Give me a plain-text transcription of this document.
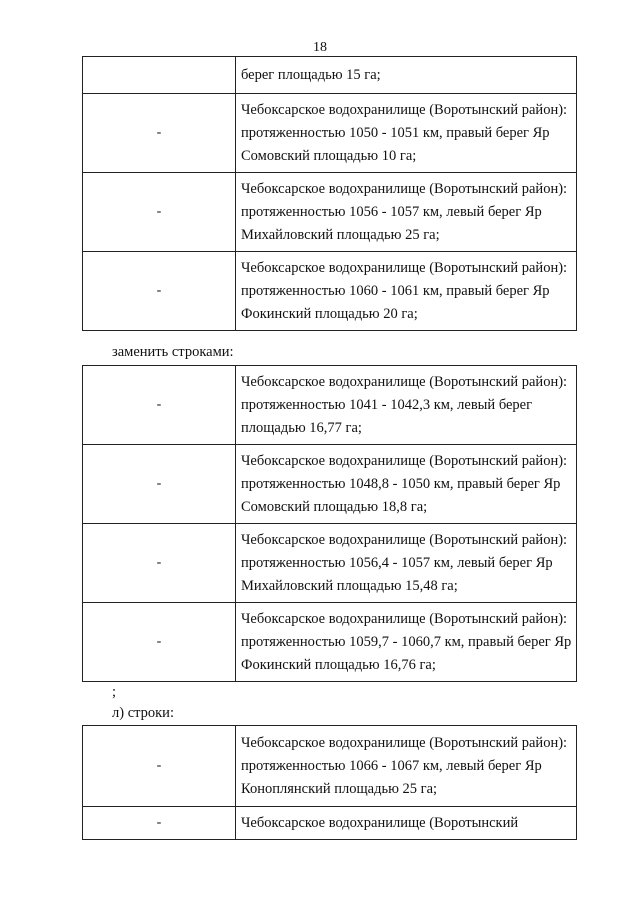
18

	берег площадью 15 га;

-	Чебоксарское водохранилище (Воротынский район): протяженностью 1050 - 1051 км, правый берег Яр Сомовский площадью 10 га;

-	Чебоксарское водохранилище (Воротынский район): протяженностью 1056 - 1057 км, левый берег Яр Михайловский площадью 25 га;

-	Чебоксарское водохранилище (Воротынский район): протяженностью 1060 - 1061 км, правый берег Яр Фокинский площадью 20 га;
заменить строками:
-	Чебоксарское водохранилище (Воротынский район): протяженностью 1041 - 1042,3 км, левый берег площадью 16,77 га;

-	Чебоксарское водохранилище (Воротынский район): протяженностью 1048,8 - 1050 км, правый берег Яр Сомовский площадью 18,8 га;

-	Чебоксарское водохранилище (Воротынский район): протяженностью 1056,4 - 1057 км, левый берег Яр Михайловский площадью 15,48 га;

-	Чебоксарское водохранилище (Воротынский район): протяженностью 1059,7 - 1060,7 км, правый берег Яр Фокинский площадью 16,76 га;
;
л) строки:
-	Чебоксарское водохранилище (Воротынский район): протяженностью 1066 - 1067 км, левый берег Яр Коноплянский площадью 25 га;

-	Чебоксарское водохранилище (Воротынский
